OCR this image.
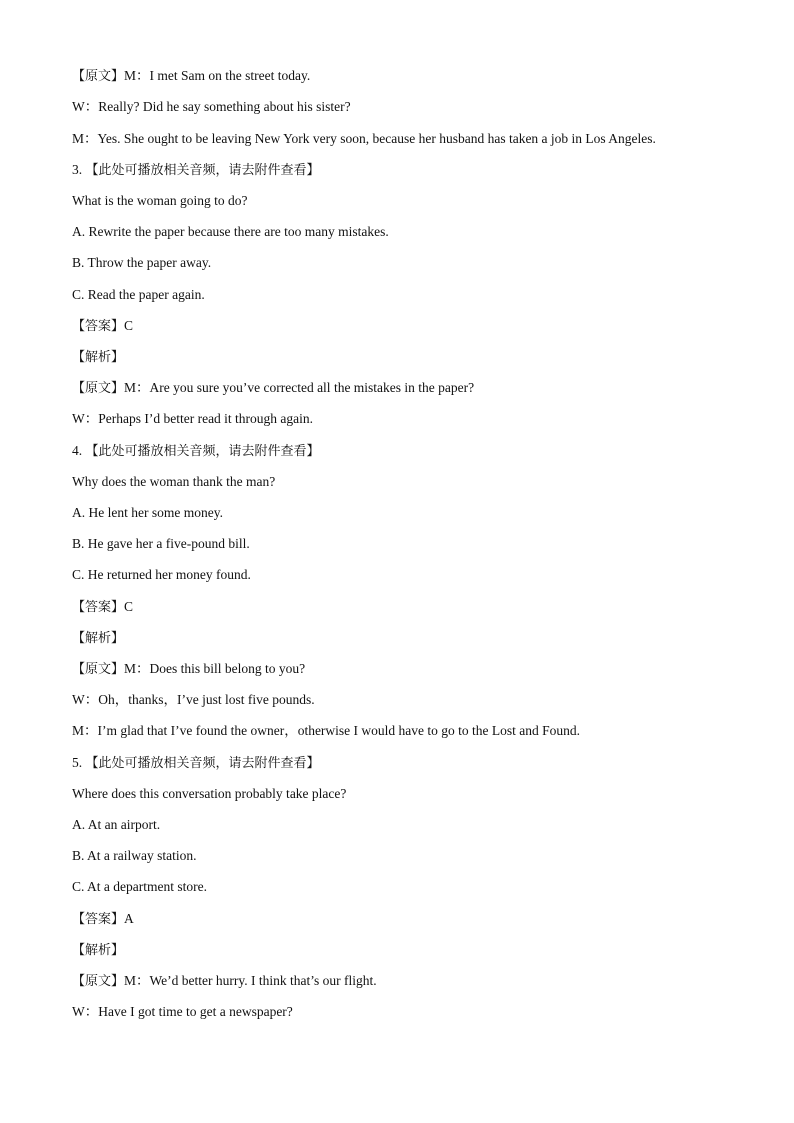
【原文】M：I met Sam on the street today.
W：Really? Did he say something about his sister?
M：Yes. She ought to be leaving New York very soon, because her husband has taken a job in Los Angeles.
3. 【此处可播放相关音频，请去附件查看】
What is the woman going to do?
A. Rewrite the paper because there are too many mistakes.
B. Throw the paper away.
C. Read the paper again.
【答案】C
【解析】
【原文】M：Are you sure you’ve corrected all the mistakes in the paper?
W：Perhaps I’d better read it through again.
4. 【此处可播放相关音频，请去附件查看】
Why does the woman thank the man?
A. He lent her some money.
B. He gave her a five-pound bill.
C. He returned her money found.
【答案】C
【解析】
【原文】M：Does this bill belong to you?
W：Oh，thanks，I’ve just lost five pounds.
M：I’m glad that I’ve found the owner，otherwise I would have to go to the Lost and Found.
5. 【此处可播放相关音频，请去附件查看】
Where does this conversation probably take place?
A. At an airport.
B. At a railway station.
C. At a department store.
【答案】A
【解析】
【原文】M：We’d better hurry. I think that’s our flight.
W：Have I got time to get a newspaper?
